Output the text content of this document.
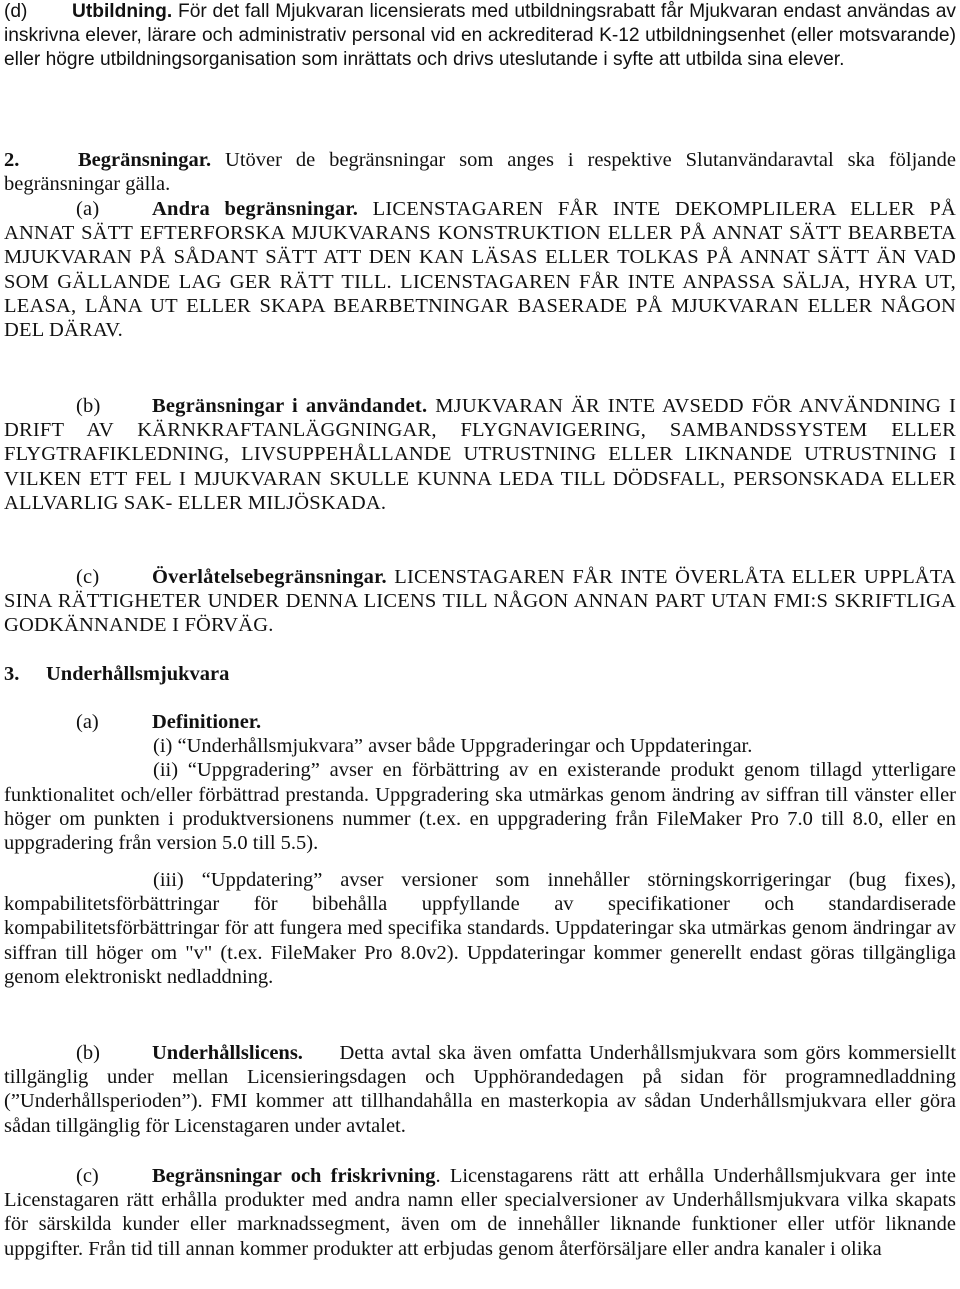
(d) Utbildning. För det fall Mjukvaran licensierats med utbildningsrabatt får Mjukvaran endast användas av inskrivna elever, lärare och administrativ personal vid en ackrediterad K-12 utbildningsenhet (eller motsvarande) eller högre utbildningsorganisation som inrättats och drivs uteslutande i syfte att utbilda sina elever.

2.	Begränsningar. Utöver de begränsningar som anges i respektive Slutanvändaravtal ska följande begränsningar gälla.

(a)	Andra begränsningar. LICENSTAGAREN FÅR INTE DEKOMPLILERA ELLER PÅ ANNAT SÄTT EFTERFORSKA MJUKVARANS KONSTRUKTION ELLER PÅ ANNAT SÄTT BEARBETA MJUKVARAN PÅ SÅDANT SÄTT ATT DEN KAN LÄSAS ELLER TOLKAS PÅ ANNAT SÄTT ÄN VAD SOM GÄLLANDE LAG GER RÄTT TILL. LICENSTAGAREN FÅR INTE ANPASSA SÄLJA, HYRA UT, LEASA, LÅNA UT ELLER SKAPA BEARBETNINGAR BASERADE PÅ MJUKVARAN ELLER NÅGON DEL DÄRAV.

(b)	Begränsningar i användandet. MJUKVARAN ÄR INTE AVSEDD FÖR ANVÄNDNING I DRIFT AV KÄRNKRAFTANLÄGGNINGAR, FLYGNAVIGERING, SAMBANDSSYSTEM ELLER FLYGTRAFIKLEDNING, LIVSUPPEHÅLLANDE UTRUSTNING ELLER LIKNANDE UTRUSTNING I VILKEN ETT FEL I MJUKVARAN SKULLE KUNNA LEDA TILL DÖDSFALL, PERSONSKADA ELLER ALLVARLIG SAK- ELLER MILJÖSKADA.

(c)	Överlåtelsebegränsningar. LICENSTAGAREN FÅR INTE ÖVERLÅTA ELLER UPPLÅTA SINA RÄTTIGHETER UNDER DENNA LICENS TILL NÅGON ANNAN PART UTAN FMI:S SKRIFTLIGA GODKÄNNANDE I FÖRVÄG.

3. Underhållsmjukvara

(a)	Definitioner.

(i) “Underhållsmjukvara” avser både Uppgraderingar och Uppdateringar.

(ii) “Uppgradering” avser en förbättring av en existerande produkt genom tillagd ytterligare funktionalitet och/eller förbättrad prestanda. Uppgradering ska utmärkas genom ändring av siffran till vänster eller höger om punkten i produktversionens nummer (t.ex. en uppgradering från FileMaker Pro 7.0 till 8.0, eller en uppgradering från version 5.0 till 5.5).

(iii) “Uppdatering” avser versioner som innehåller störningskorrigeringar (bug fixes), kompabilitetsförbättringar för bibehålla uppfyllande av specifikationer och standardiserade kompabilitetsförbättringar för att fungera med specifika standards. Uppdateringar ska utmärkas genom ändringar av siffran till höger om "v" (t.ex. FileMaker Pro 8.0v2). Uppdateringar kommer generellt endast göras tillgängliga genom elektroniskt nedladdning.

(b)	Underhållslicens. Detta avtal ska även omfatta Underhållsmjukvara som görs kommersiellt tillgänglig under mellan Licensieringsdagen och Upphörandedagen på sidan för programnedladdning (”Underhållsperioden”). FMI kommer att tillhandahålla en masterkopia av sådan Underhållsmjukvara eller göra sådan tillgänglig för Licenstagaren under avtalet.

(c)	Begränsningar och friskrivning. Licenstagarens rätt att erhålla Underhållsmjukvara ger inte Licenstagaren rätt erhålla produkter med andra namn eller specialversioner av Underhållsmjukvara vilka skapats för särskilda kunder eller marknadssegment, även om de innehåller liknande funktioner eller utför liknande uppgifter. Från tid till annan kommer produkter att erbjudas genom återförsäljare eller andra kanaler i olika
